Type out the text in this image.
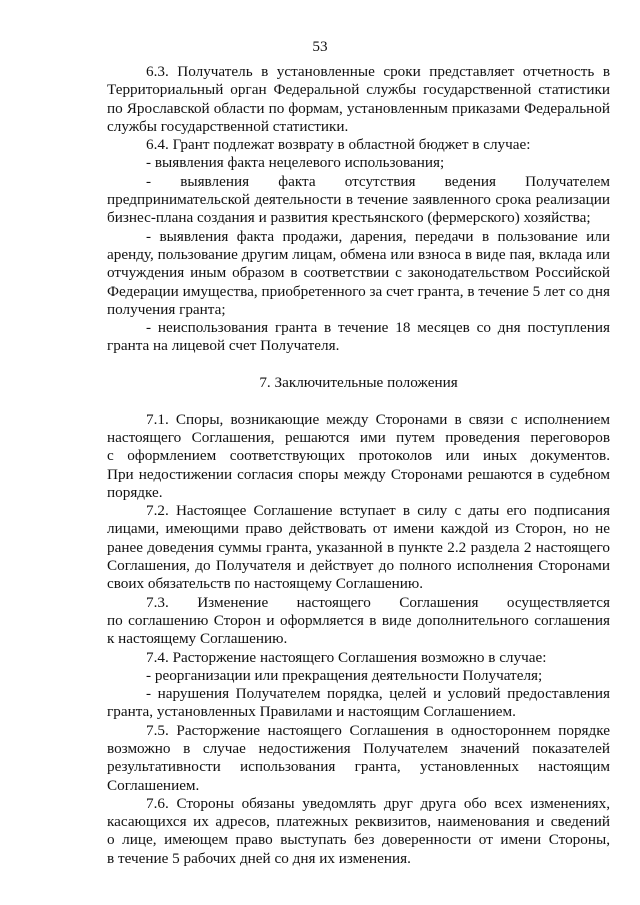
53
6.3. Получатель в установленные сроки представляет отчетность в
Территориальный орган Федеральной службы государственной статистики
по Ярославской области по формам, установленным приказами Федеральной
службы государственной статистики.
6.4. Грант подлежат возврату в областной бюджет в случае:
- выявления факта нецелевого использования;
- выявления факта отсутствия ведения Получателем
предпринимательской деятельности в течение заявленного срока реализации
бизнес-плана создания и развития крестьянского (фермерского) хозяйства;
- выявления факта продажи, дарения, передачи в пользование или
аренду, пользование другим лицам, обмена или взноса в виде пая, вклада или
отчуждения иным образом в соответствии с законодательством Российской
Федерации имущества, приобретенного за счет гранта, в течение 5 лет со дня
получения гранта;
- неиспользования гранта в течение 18 месяцев со дня поступления
гранта на лицевой счет Получателя.
7. Заключительные положения
7.1. Споры, возникающие между Сторонами в связи с исполнением
настоящего Соглашения, решаются ими путем проведения переговоров
с оформлением соответствующих протоколов или иных документов.
При недостижении согласия споры между Сторонами решаются в судебном
порядке.
7.2. Настоящее Соглашение вступает в силу с даты его подписания
лицами, имеющими право действовать от имени каждой из Сторон, но не
ранее доведения суммы гранта, указанной в пункте 2.2 раздела 2 настоящего
Соглашения, до Получателя и действует до полного исполнения Сторонами
своих обязательств по настоящему Соглашению.
7.3. Изменение настоящего Соглашения осуществляется
по соглашению Сторон и оформляется в виде дополнительного соглашения
к настоящему Соглашению.
7.4. Расторжение настоящего Соглашения возможно в случае:
- реорганизации или прекращения деятельности Получателя;
- нарушения Получателем порядка, целей и условий предоставления
гранта, установленных Правилами и настоящим Соглашением.
7.5. Расторжение настоящего Соглашения в одностороннем порядке
возможно в случае недостижения Получателем значений показателей
результативности использования гранта, установленных настоящим
Соглашением.
7.6. Стороны обязаны уведомлять друг друга обо всех изменениях,
касающихся их адресов, платежных реквизитов, наименования и сведений
о лице, имеющем право выступать без доверенности от имени Стороны,
в течение 5 рабочих дней со дня их изменения.
